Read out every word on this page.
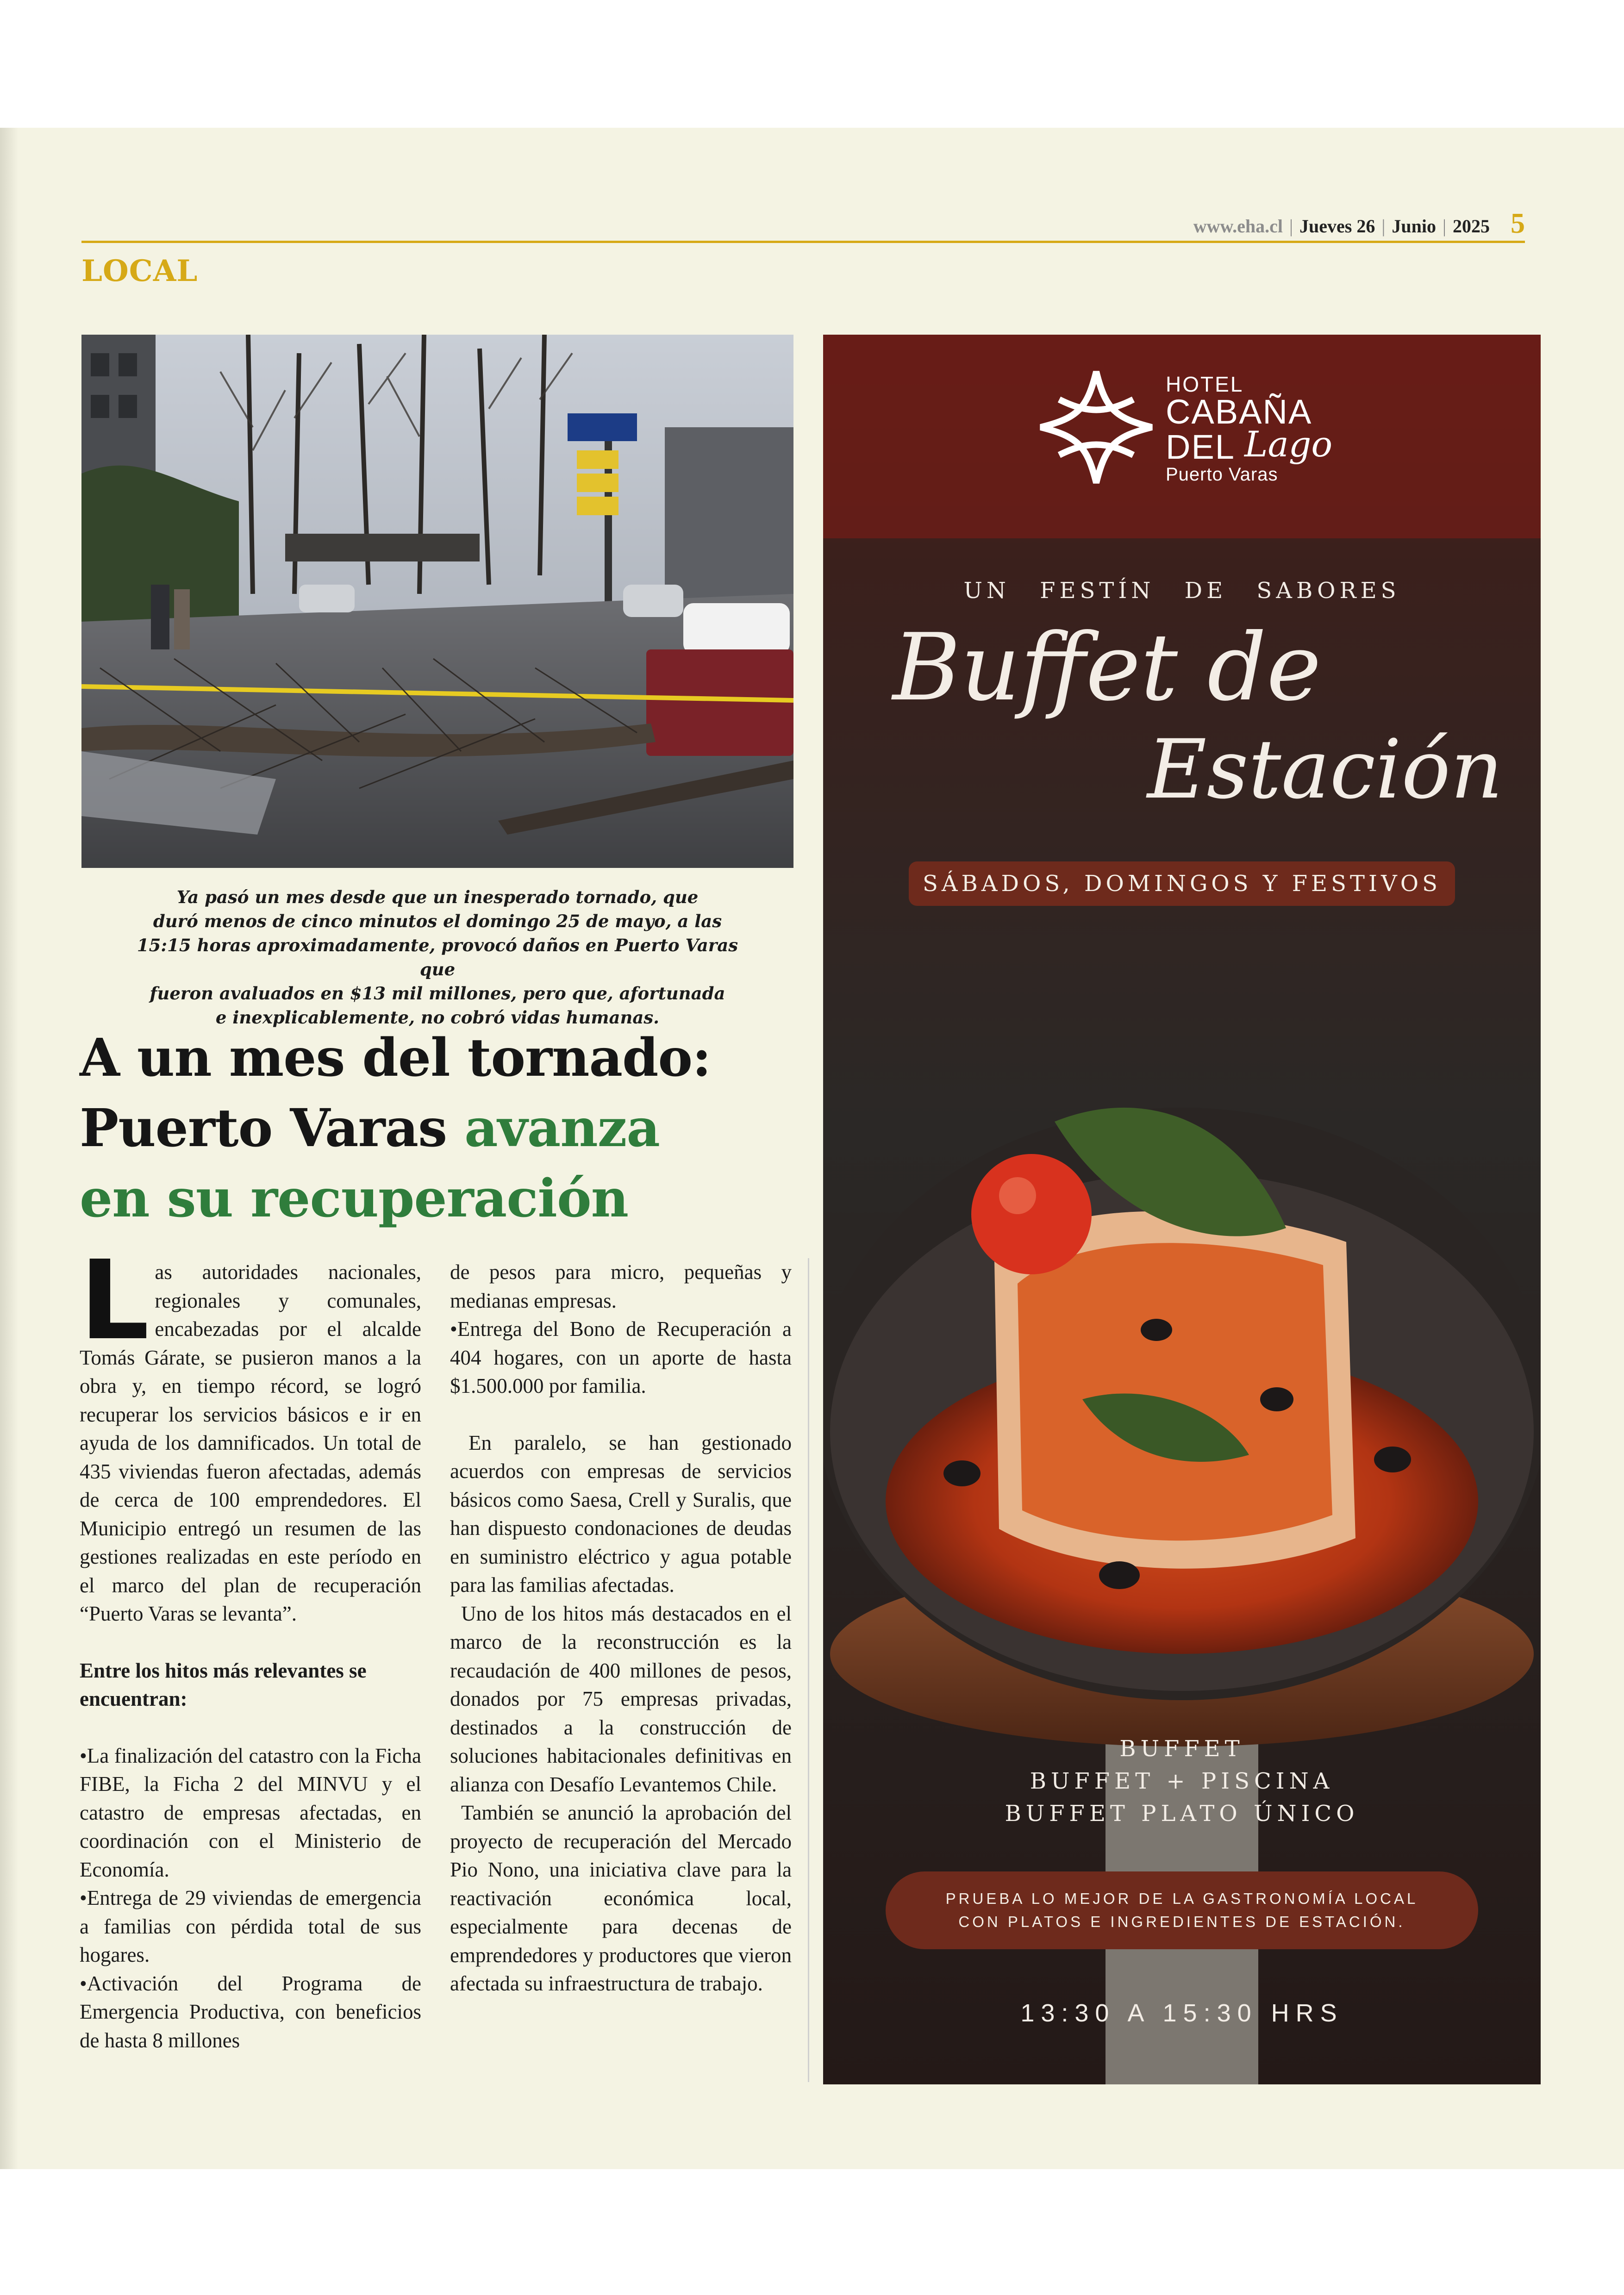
www.eha.cl | Jueves 26 | Junio | 2025 5
LOCAL
Ya pasó un mes desde que un inesperado tornado, que
duró menos de cinco minutos el domingo 25 de mayo, a las
15:15 horas aproximadamente, provocó daños en Puerto Varas que
fueron avaluados en $13 mil millones, pero que, afortunada
e inexplicablemente, no cobró vidas humanas.
A un mes del tornado:
Puerto Varas avanza
en su recuperación

Las autoridades nacionales, regionales y comunales, encabezadas por el alcalde Tomás Gárate, se pusieron manos a la obra y, en tiempo récord, se logró recuperar los servicios básicos e ir en ayuda de los damnificados. Un total de 435 viviendas fueron afectadas, además de cerca de 100 emprendedores. El Municipio entregó un resumen de las gestiones realizadas en este período en el marco del plan de recuperación “Puerto Varas se levanta”.

Entre los hitos más relevantes se encuentran:

•La finalización del catastro con la Ficha FIBE, la Ficha 2 del MINVU y el catastro de empresas afectadas, en coordinación con el Ministerio de Economía.

•Entrega de 29 viviendas de emergencia a familias con pérdida total de sus hogares.

•Activación del Programa de Emergencia Productiva, con beneficios de hasta 8 millones

de pesos para micro, pequeñas y medianas empresas.

•Entrega del Bono de Recuperación a 404 hogares, con un aporte de hasta $1.500.000 por familia.

En paralelo, se han gestionado acuerdos con empresas de servicios básicos como Saesa, Crell y Suralis, que han dispuesto condonaciones de deudas en suministro eléctrico y agua potable para las familias afectadas.

Uno de los hitos más destacados en el marco de la reconstrucción es la recaudación de 400 millones de pesos, donados por 75 empresas privadas, destinados a la construcción de soluciones habitacionales definitivas en alianza con Desafío Levantemos Chile.

También se anunció la aprobación del proyecto de recuperación del Mercado Pio Nono, una iniciativa clave para la reactivación económica local, especialmente para decenas de emprendedores y productores que vieron afectada su infraestructura de trabajo.

HOTEL
CABAÑA
DEL Lago
Puerto Varas
UN FESTÍN DE SABORES
Buffet de
Estación
SÁBADOS, DOMINGOS Y FESTIVOS
BUFFET
BUFFET + PISCINA
BUFFET PLATO ÚNICO
PRUEBA LO MEJOR DE LA GASTRONOMÍA LOCAL
CON PLATOS E INGREDIENTES DE ESTACIÓN.
13:30 A 15:30 HRS
